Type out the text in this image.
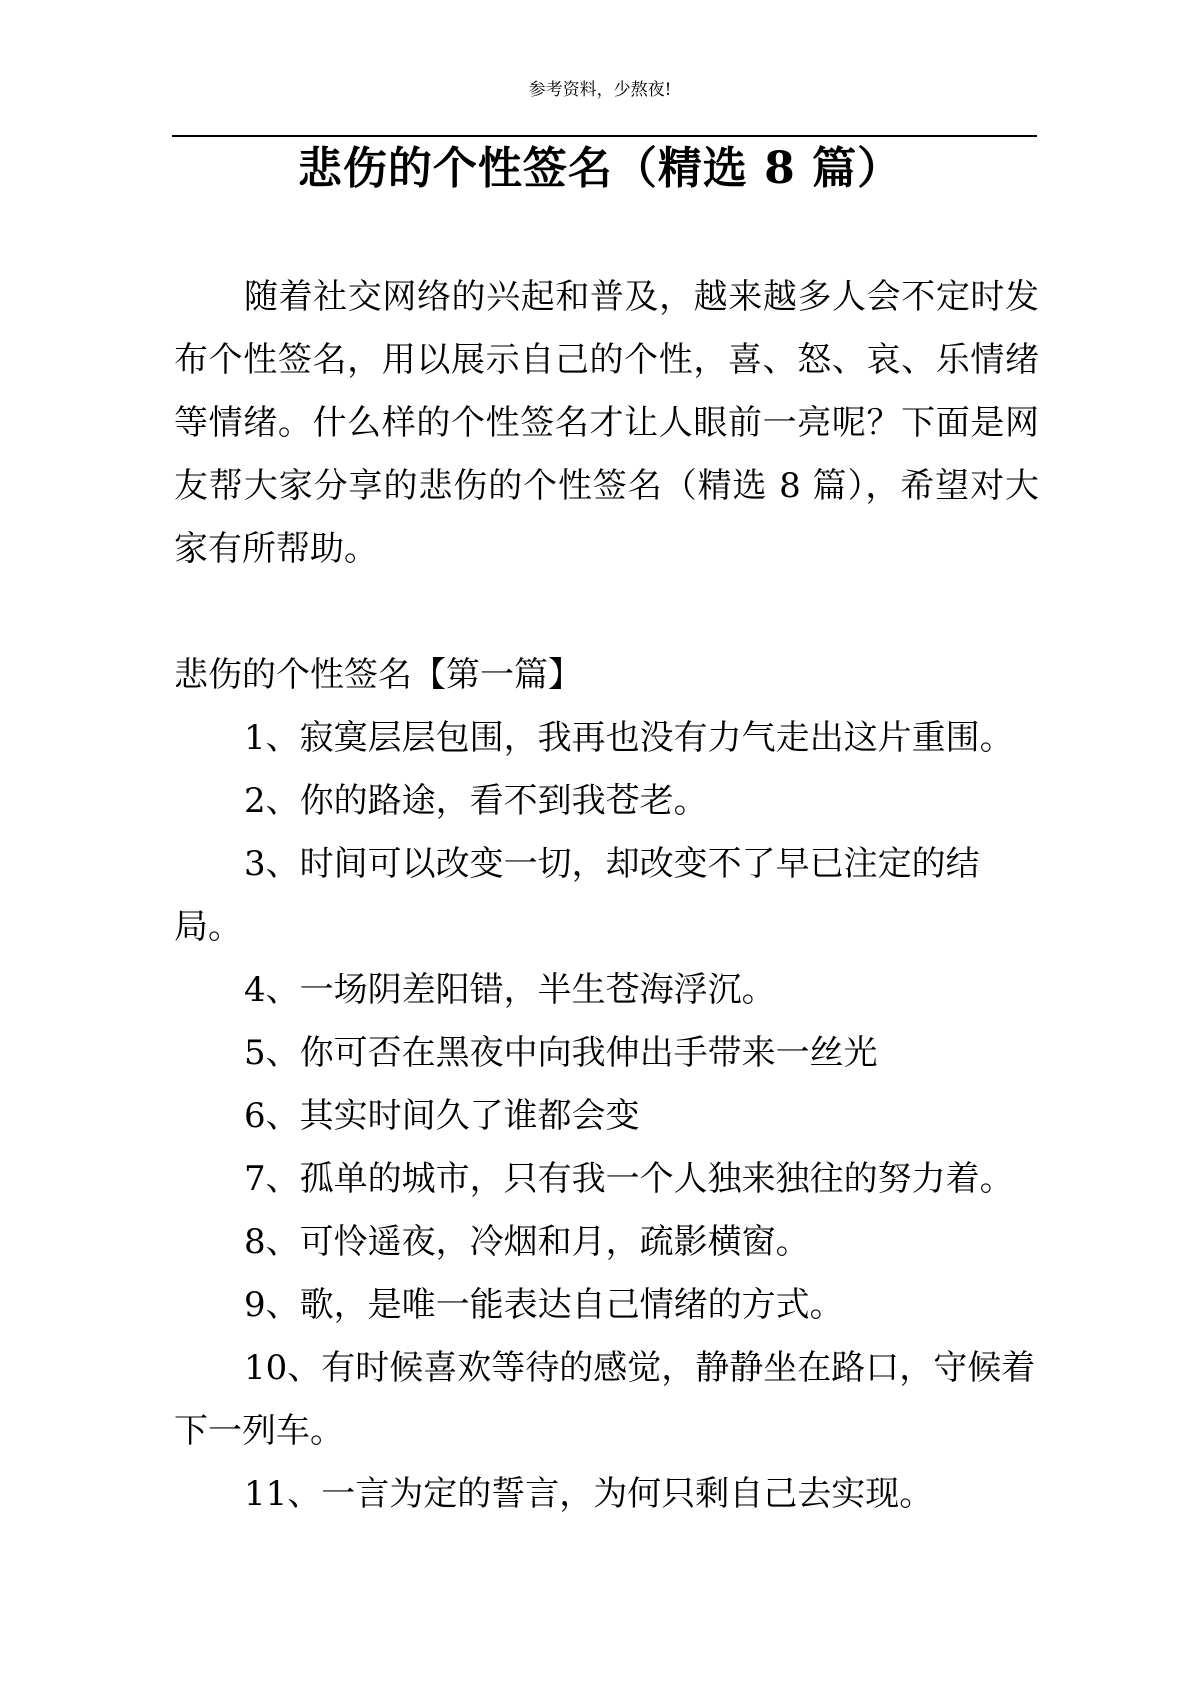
参考资料，少熬夜!
悲伤的个性签名（精选 8 篇）

随着社交网络的兴起和普及，越来越多人会不定时发布个性签名，用以展示自己的个性，喜、怒、哀、乐情绪等情绪。什么样的个性签名才让人眼前一亮呢？下面是网友帮大家分享的悲伤的个性签名（精选 8 篇），希望对大家有所帮助。

悲伤的个性签名【第一篇】
1、寂寞层层包围，我再也没有力气走出这片重围。
2、你的路途，看不到我苍老。
3、时间可以改变一切，却改变不了早已注定的结局。
4、一场阴差阳错，半生苍海浮沉。
5、你可否在黑夜中向我伸出手带来一丝光
6、其实时间久了谁都会变
7、孤单的城市，只有我一个人独来独往的努力着。
8、可怜遥夜，冷烟和月，疏影横窗。
9、歌，是唯一能表达自己情绪的方式。
10、有时候喜欢等待的感觉，静静坐在路口，守候着下一列车。
11、一言为定的誓言，为何只剩自己去实现。
